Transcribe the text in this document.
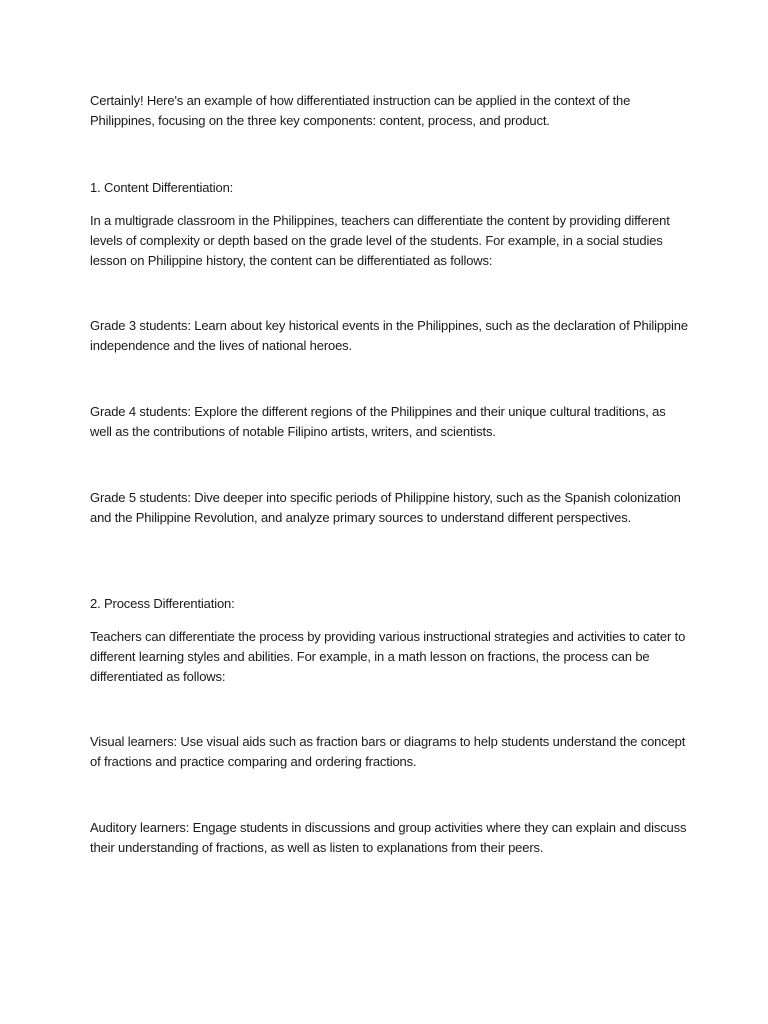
Certainly! Here's an example of how differentiated instruction can be applied in the context of the Philippines, focusing on the three key components: content, process, and product.

1. Content Differentiation:

In a multigrade classroom in the Philippines, teachers can differentiate the content by providing different levels of complexity or depth based on the grade level of the students. For example, in a social studies lesson on Philippine history, the content can be differentiated as follows:

Grade 3 students: Learn about key historical events in the Philippines, such as the declaration of Philippine independence and the lives of national heroes.

Grade 4 students: Explore the different regions of the Philippines and their unique cultural traditions, as well as the contributions of notable Filipino artists, writers, and scientists.

Grade 5 students: Dive deeper into specific periods of Philippine history, such as the Spanish colonization and the Philippine Revolution, and analyze primary sources to understand different perspectives.

2. Process Differentiation:

Teachers can differentiate the process by providing various instructional strategies and activities to cater to different learning styles and abilities. For example, in a math lesson on fractions, the process can be differentiated as follows:

Visual learners: Use visual aids such as fraction bars or diagrams to help students understand the concept of fractions and practice comparing and ordering fractions.

Auditory learners: Engage students in discussions and group activities where they can explain and discuss their understanding of fractions, as well as listen to explanations from their peers.
